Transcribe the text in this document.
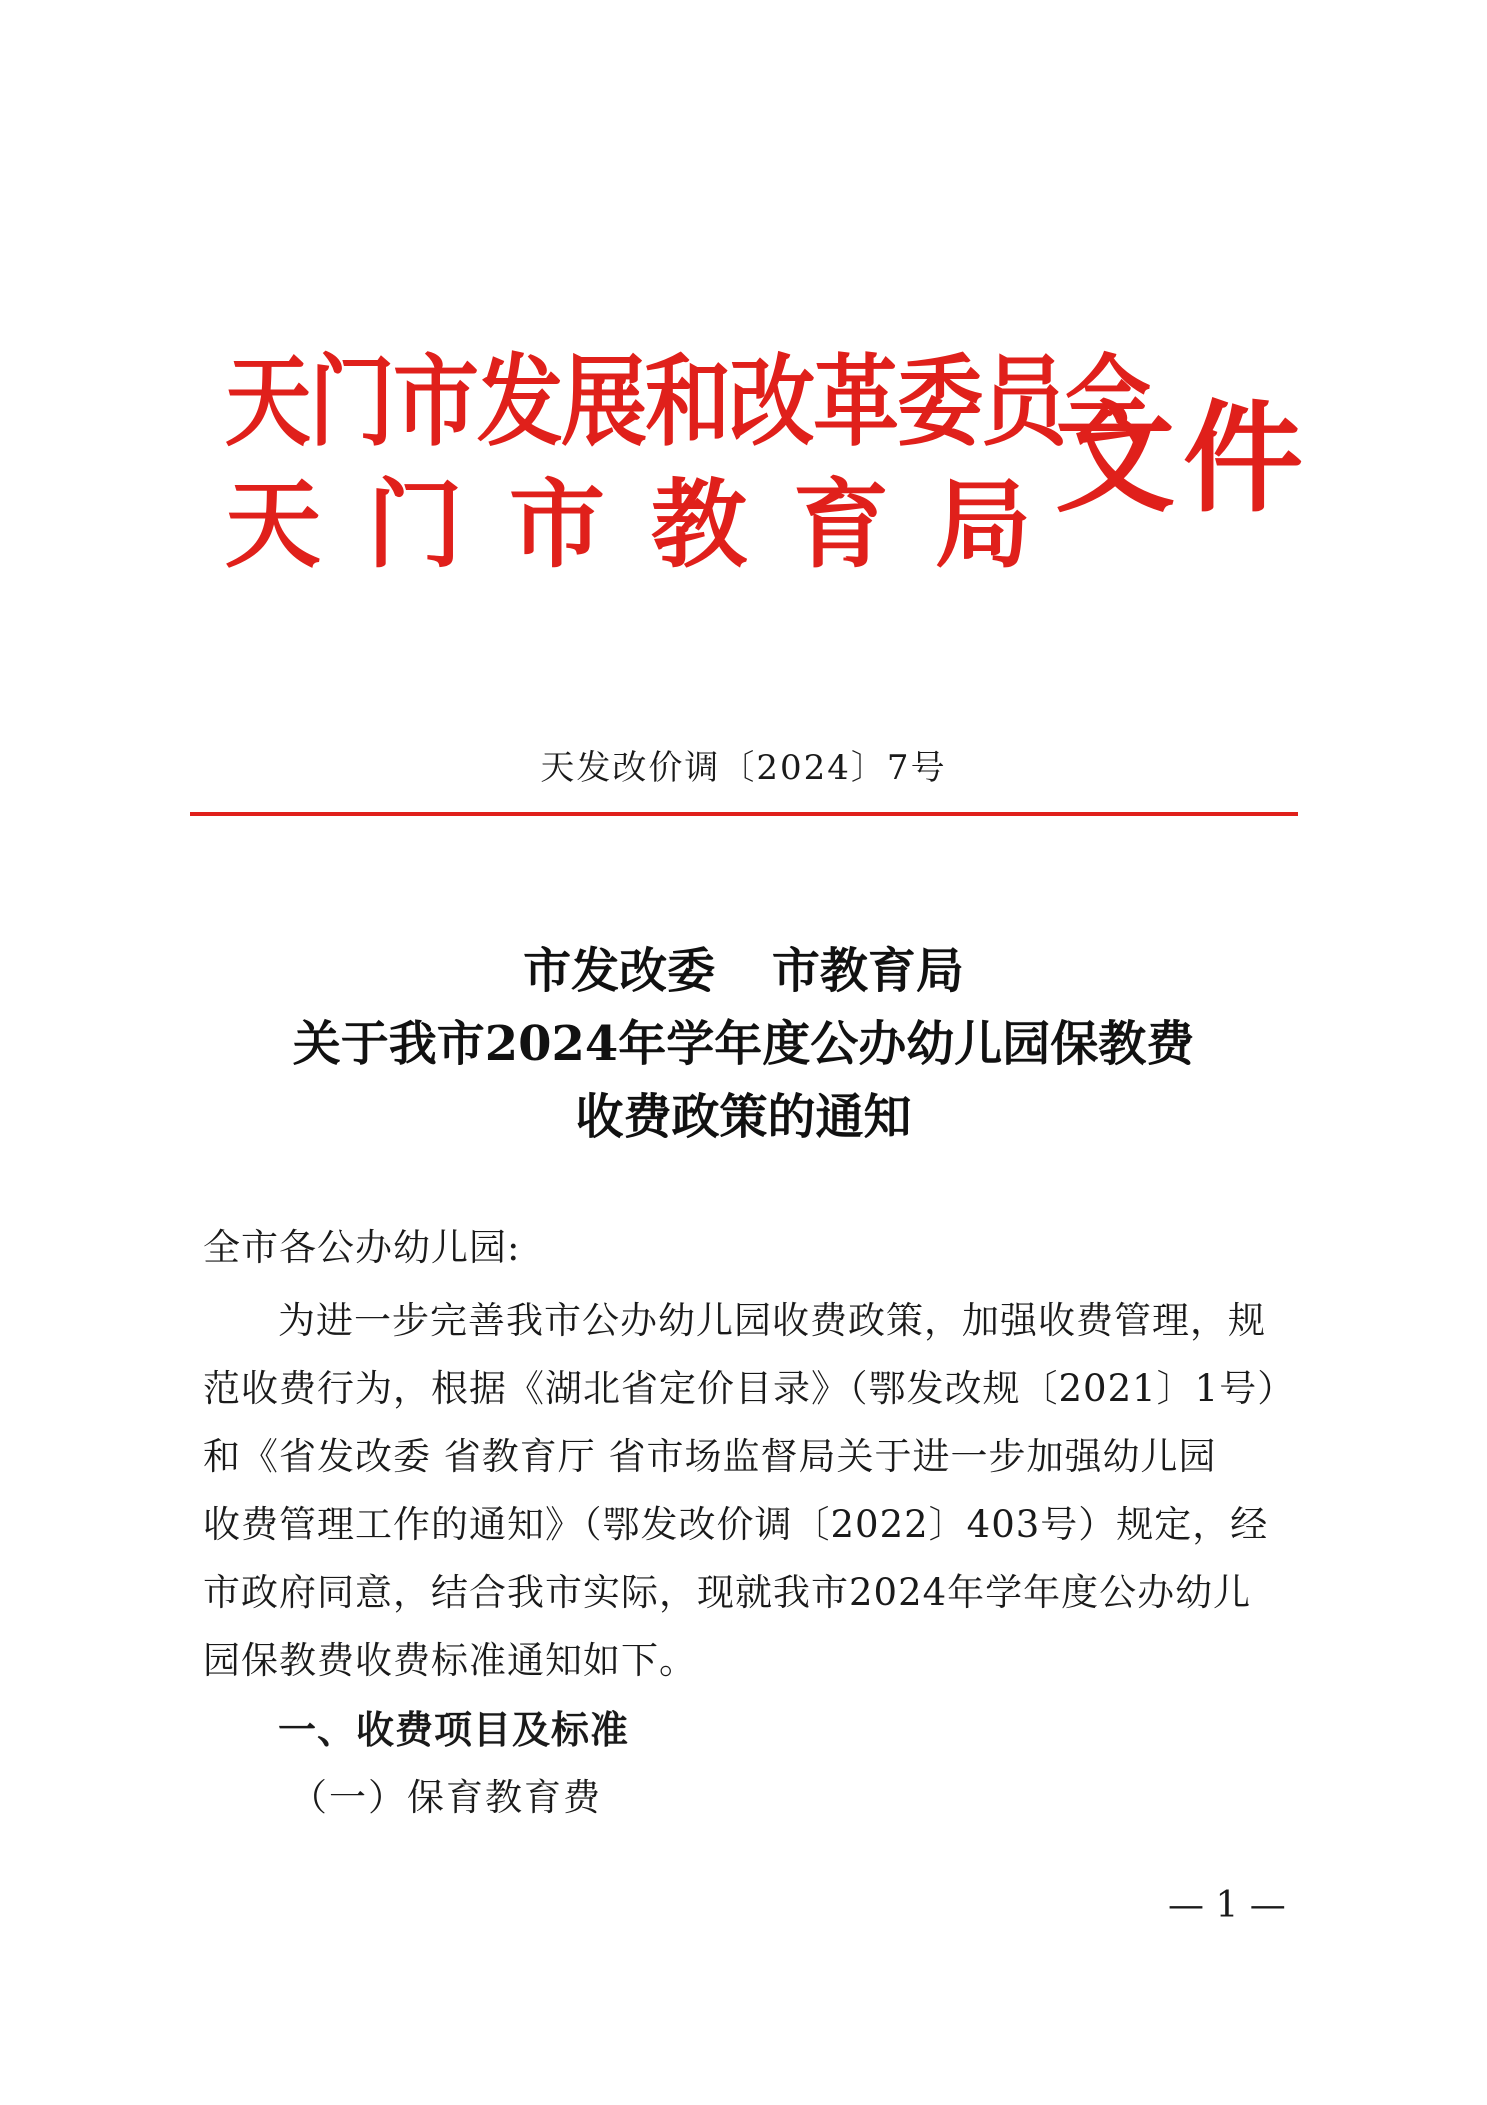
天门市发展和改革委员会
天门市教育局
文件
天发改价调〔2024〕7号
市发改委 市教育局
关于我市2024年学年度公办幼儿园保教费
收费政策的通知
全市各公办幼儿园:
为进一步完善我市公办幼儿园收费政策，加强收费管理，规
范收费行为，根据《湖北省定价目录》（鄂发改规〔2021〕1号）
和《省发改委 省教育厅 省市场监督局关于进一步加强幼儿园
收费管理工作的通知》（鄂发改价调〔2022〕403号）规定，经
市政府同意，结合我市实际，现就我市2024年学年度公办幼儿
园保教费收费标准通知如下。
一、收费项目及标准
（一）保育教育费
— 1 —
